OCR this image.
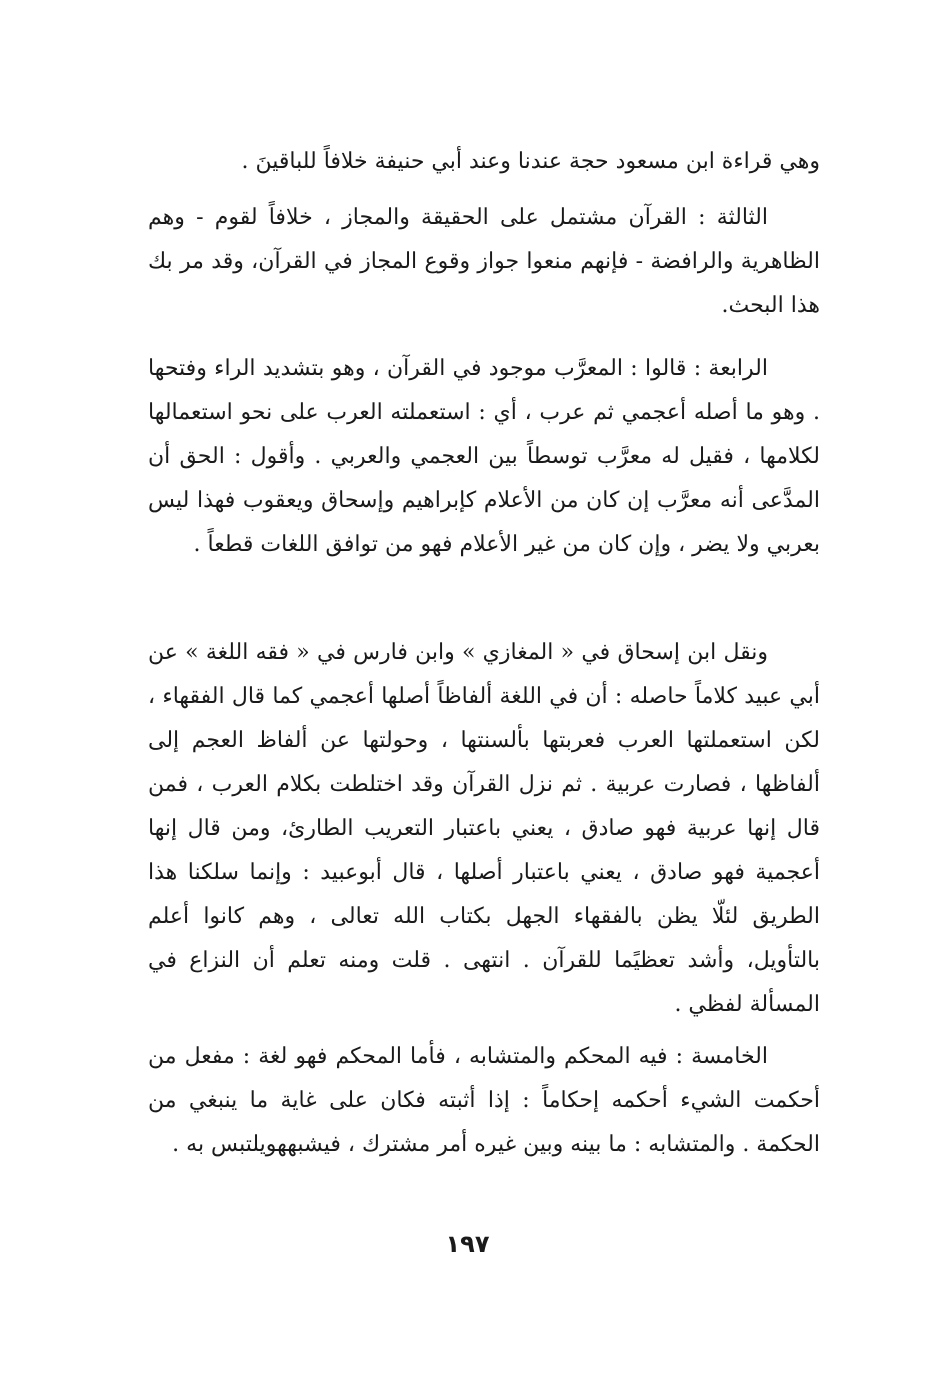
وهي قراءة ابن مسعود حجة عندنا وعند أبي حنيفة خلافاً للباقينَ .

الثالثة : القرآن مشتمل على الحقيقة والمجاز ، خلافاً لقوم - وهم الظاهرية والرافضة - فإنهم منعوا جواز وقوع المجاز في القرآن، وقد مر بك هذا البحث.

الرابعة : قالوا : المعرَّب موجود في القرآن ، وهو بتشديد الراء وفتحها . وهو ما أصله أعجمي ثم عرب ، أي : استعملته العرب على نحو استعمالها لكلامها ، فقيل له معرَّب توسطاً بين العجمي والعربي . وأقول : الحق أن المدَّعى أنه معرَّب إن كان من الأعلام كإبراهيم وإسحاق ويعقوب فهذا ليس بعربي ولا يضر ، وإن كان من غير الأعلام فهو من توافق اللغات قطعاً .

ونقل ابن إسحاق في « المغازي » وابن فارس في « فقه اللغة » عن أبي عبيد كلاماً حاصله : أن في اللغة ألفاظاً أصلها أعجمي كما قال الفقهاء ، لكن استعملتها العرب فعربتها بألسنتها ، وحولتها عن ألفاظ العجم إلى ألفاظها ، فصارت عربية . ثم نزل القرآن وقد اختلطت بكلام العرب ، فمن قال إنها عربية فهو صادق ، يعني باعتبار التعريب الطارئ، ومن قال إنها أعجمية فهو صادق ، يعني باعتبار أصلها ، قال أبوعبيد : وإنما سلكنا هذا الطريق لئلّا يظن بالفقهاء الجهل بكتاب الله تعالى ، وهم كانوا أعلم بالتأويل، وأشد تعظيًما للقرآن . انتهى . قلت ومنه تعلم أن النزاع في المسألة لفظي .

الخامسة : فيه المحكم والمتشابه ، فأما المحكم فهو لغة : مفعل من أحكمت الشيء أحكمه إحكاماً : إذا أثبته فكان على غاية ما ينبغي من الحكمة . والمتشابه : ما بينه وبين غيره أمر مشترك ، فيشبههويلتبس به .

١٩٧
